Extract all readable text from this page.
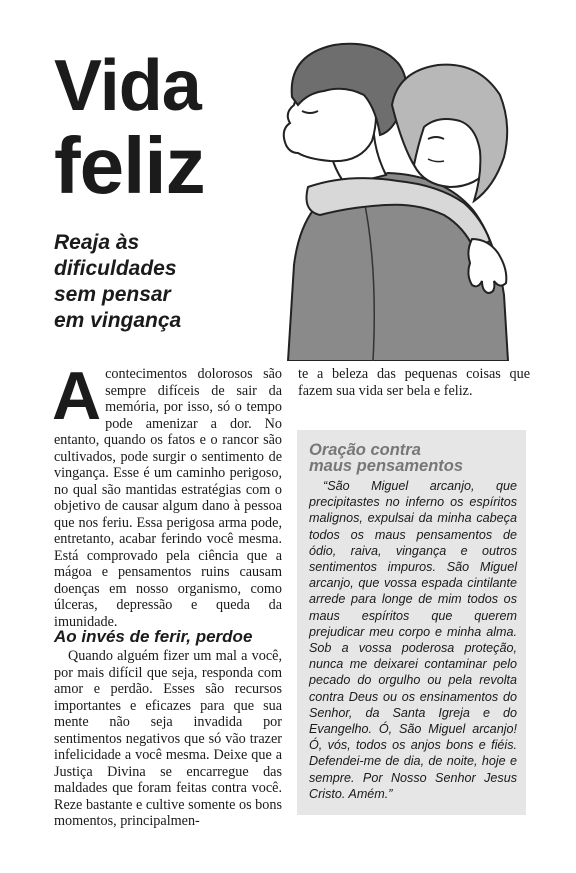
Vida
feliz
Reaja às
dificuldades
sem pensar
em vingança
A contecimentos dolorosos são sempre difíceis de sair da memória, por isso, só o tempo pode amenizar a dor. No entanto, quando os fatos e o rancor são cultivados, pode surgir o sentimento de vingança. Esse é um caminho perigoso, no qual são mantidas estratégias com o objetivo de causar algum dano à pessoa que nos feriu. Essa perigosa arma pode, entretanto, acabar ferindo você mesma. Está comprovado pela ciência que a mágoa e pensamentos ruins causam doenças em nosso organismo, como úlceras, depressão e queda da imunidade.

Ao invés de ferir, perdoe

Quando alguém fizer um mal a você, por mais difícil que seja, responda com amor e perdão. Esses são recursos importantes e eficazes para que sua mente não seja invadida por sentimentos negativos que só vão trazer infelicidade a você mesma. Deixe que a Justiça Divina se encarregue das maldades que foram feitas contra você. Reze bastante e cultive somente os bons momentos, principalmen-

te a beleza das pequenas coisas que fazem sua vida ser bela e feliz.

Oração contra
maus pensamentos

“São Miguel arcanjo, que precipitastes no inferno os espíritos malignos, expulsai da minha cabeça todos os maus pensamentos de ódio, raiva, vingança e outros sentimentos impuros. São Miguel arcanjo, que vossa espada cintilante arrede para longe de mim todos os maus espíritos que querem prejudicar meu corpo e minha alma. Sob a vossa poderosa proteção, nunca me deixarei contaminar pelo pecado do orgulho ou pela revolta contra Deus ou os ensinamentos do Senhor, da Santa Igreja e do Evangelho. Ó, São Miguel arcanjo! Ó, vós, todos os anjos bons e fiéis. Defendei-me de dia, de noite, hoje e sempre. Por Nosso Senhor Jesus Cristo. Amém.”
